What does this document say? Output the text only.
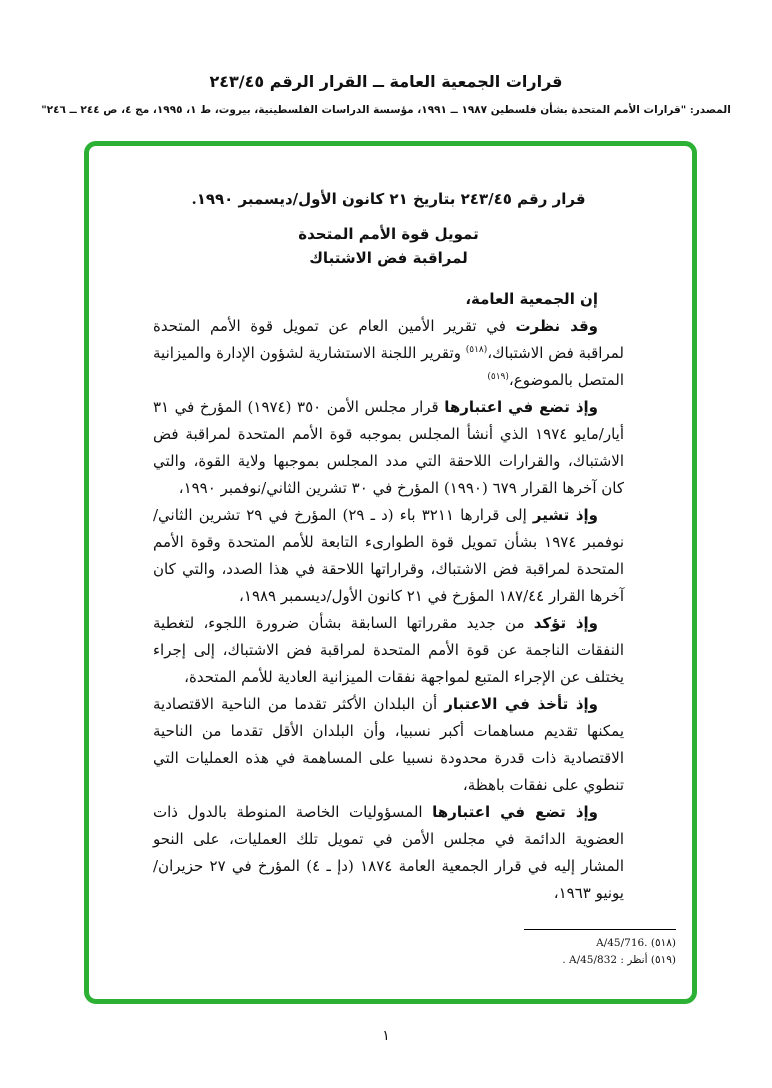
قرارات الجمعية العامة ــ القرار الرقم ٢٤٣/٤٥

المصدر: "قرارات الأمم المتحدة بشأن فلسطين ١٩٨٧ ــ ١٩٩١، مؤسسة الدراسات الفلسطينية، بيروت، ط ١، ١٩٩٥، مج ٤، ص ٢٤٤ ــ ٢٤٦"

قرار رقم ٢٤٣/٤٥ بتاريخ ٢١ كانون الأول/ديسمبر ١٩٩٠.
تمويل قوة الأمم المتحدة
لمراقبة فض الاشتباك

إن الجمعية العامة،

وقد نظرت في تقرير الأمين العام عن تمويل قوة الأمم المتحدة لمراقبة فض الاشتباك،$^{(٥١٨)}$ وتقرير اللجنة الاستشارية لشؤون الإدارة والميزانية المتصل بالموضوع،$^{(٥١٩)}$

وإذ تضع في اعتبارها قرار مجلس الأمن ٣٥٠ (١٩٧٤) المؤرخ في ٣١ أيار/مايو ١٩٧٤ الذي أنشأ المجلس بموجبه قوة الأمم المتحدة لمراقبة فض الاشتباك، والقرارات اللاحقة التي مدد المجلس بموجبها ولاية القوة، والتي كان آخرها القرار ٦٧٩ (١٩٩٠) المؤرخ في ٣٠ تشرين الثاني/نوفمبر ١٩٩٠،

وإذ تشير إلى قرارها ٣٢١١ باء (د ـ ٢٩) المؤرخ في ٢٩ تشرين الثاني/نوفمبر ١٩٧٤ بشأن تمويل قوة الطوارىء التابعة للأمم المتحدة وقوة الأمم المتحدة لمراقبة فض الاشتباك، وقراراتها اللاحقة في هذا الصدد، والتي كان آخرها القرار ١٨٧/٤٤ المؤرخ في ٢١ كانون الأول/ديسمبر ١٩٨٩،

وإذ تؤكد من جديد مقرراتها السابقة بشأن ضرورة اللجوء، لتغطية النفقات الناجمة عن قوة الأمم المتحدة لمراقبة فض الاشتباك، إلى إجراء يختلف عن الإجراء المتبع لمواجهة نفقات الميزانية العادية للأمم المتحدة،

وإذ تأخذ في الاعتبار أن البلدان الأكثر تقدما من الناحية الاقتصادية يمكنها تقديم مساهمات أكبر نسبيا، وأن البلدان الأقل تقدما من الناحية الاقتصادية ذات قدرة محدودة نسبيا على المساهمة في هذه العمليات التي تنطوي على نفقات باهظة،

وإذ تضع في اعتبارها المسؤوليات الخاصة المنوطة بالدول ذات العضوية الدائمة في مجلس الأمن في تمويل تلك العمليات، على النحو المشار إليه في قرار الجمعية العامة ١٨٧٤ (دإ ـ ٤) المؤرخ في ٢٧ حزيران/يونيو ١٩٦٣،

(٥١٨) A/45/716.
(٥١٩) أنظر : A/45/832 .
١
